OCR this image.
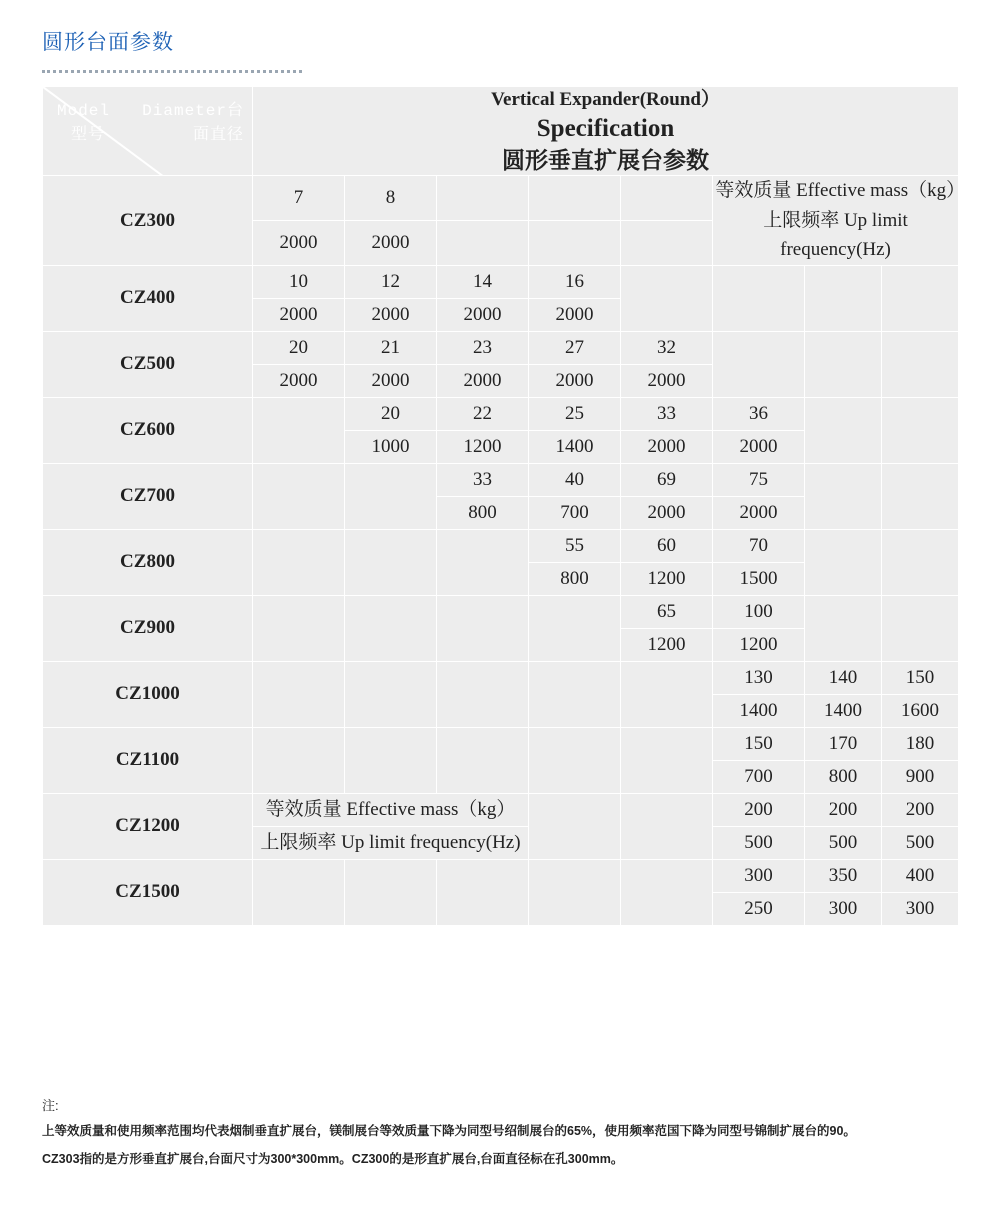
圆形台面参数
Diameter台
面直径
Model
型号

Vertical Expander(Round）
Specification
圆形垂直扩展台参数

CZ300	7	8				等效质量 Effective mass（kg）上限频率 Up limit frequency(Hz)		
	2000	2000						
CZ400	10	12	14	16				
	2000	2000	2000	2000				
CZ500	20	21	23	27	32			
	2000	2000	2000	2000	2000			
CZ600		20	22	25	33	36		
		1000	1200	1400	2000	2000		
CZ700			33	40	69	75		
			800	700	2000	2000		
CZ800				55	60	70		
				800	1200	1500		
CZ900					65	100		
					1200	1200		
CZ1000						130	140	150
						1400	1400	1600
CZ1100						150	170	180
						700	800	900
CZ1200	等效质量 Effective mass（kg）					200	200	200
	上限频率 Up limit frequency(Hz)					500	500	500
CZ1500						300	350	400
						250	300	300
注:

上等效质量和使用频率范围均代表烟制垂直扩展台，镁制展台等效质量下降为同型号绍制展台的65%，使用频率范国下降为同型号锦制扩展台的90。

CZ303指的是方形垂直扩展台,台面尺寸为300*300mm。CZ300的是形直扩展台,台面直径标在孔300mm。
